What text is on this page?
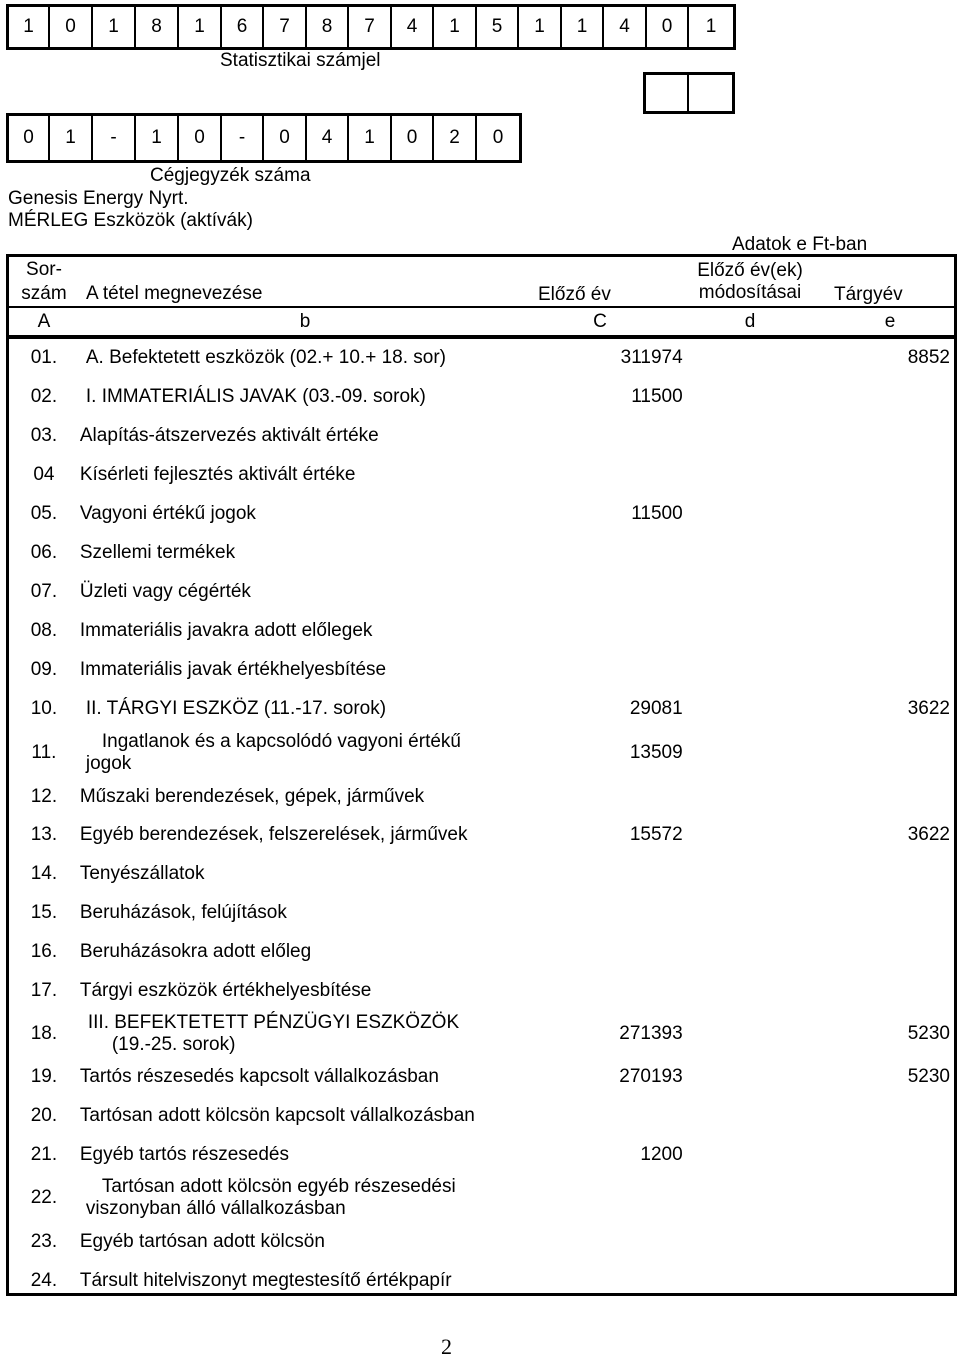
1	0	1	8	1	6	7	8	7	4	1	5	1	1	4	0	1
Statisztikai számjel
0	1	-	1	0	-	0	4	1	0	2	0
Cégjegyzék száma
Genesis Energy Nyrt.
MÉRLEG Eszközök (aktívák)
Adatok e Ft-ban
Sor-
szám	A tétel megnevezése	Előző év
Előző év(ek)
módosításai	Tárgyév
A	b	C	d	e
01.	A. Befektetett eszközök (02.+ 10.+ 18. sor)	311974		8852
02.	I. IMMATERIÁLIS JAVAK (03.-09. sorok)	11500		
03.	Alapítás-átszervezés aktivált értéke			
04	Kísérleti fejlesztés aktivált értéke			
05.	Vagyoni értékű jogok	11500		
06.	Szellemi termékek			
07.	Üzleti vagy cégérték			
08.	Immateriális javakra adott előlegek			
09.	Immateriális javak értékhelyesbítése			
10.	II. TÁRGYI ESZKÖZ (11.-17. sorok)	29081		3622
11.	Ingatlanok és a kapcsolódó vagyoni értékű
jogok	13509		
12.	Műszaki berendezések, gépek, járművek			
13.	Egyéb berendezések, felszerelések, járművek	15572		3622
14.	Tenyészállatok			
15.	Beruházások, felújítások			
16.	Beruházásokra adott előleg			
17.	Tárgyi eszközök értékhelyesbítése			
18.	III. BEFEKTETETT PÉNZÜGYI ESZKÖZÖK
(19.-25. sorok)	271393		5230
19.	Tartós részesedés kapcsolt vállalkozásban	270193		5230
20.	Tartósan adott kölcsön kapcsolt vállalkozásban			
21.	Egyéb tartós részesedés	1200		
22.	Tartósan adott kölcsön egyéb részesedési
viszonyban álló vállalkozásban			

23.	Egyéb tartósan adott kölcsön			
24.	Társult hitelviszonyt megtestesítő értékpapír			
2
